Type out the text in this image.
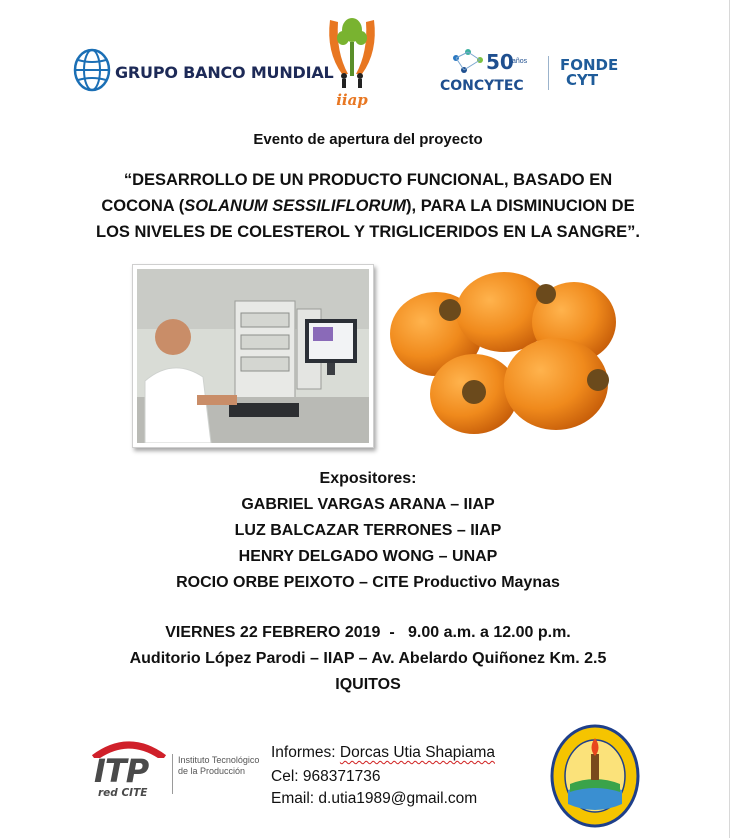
GRUPO BANCO MUNDIAL
iiap
50
años
CONCYTEC
FONDE
CYT
Evento de apertura del proyecto
“DESARROLLO DE UN PRODUCTO FUNCIONAL, BASADO EN
COCONA (SOLANUM SESSILIFLORUM), PARA LA DISMINUCION DE
LOS NIVELES DE COLESTEROL Y TRIGLICERIDOS EN LA SANGRE”.
Expositores:
GABRIEL VARGAS ARANA – IIAP
LUZ BALCAZAR TERRONES – IIAP
HENRY DELGADO WONG – UNAP
ROCIO ORBE PEIXOTO – CITE Productivo Maynas
VIERNES 22 FEBRERO 2019  -   9.00 a.m. a 12.00 p.m.
Auditorio López Parodi – IIAP – Av. Abelardo Quiñonez Km. 2.5
IQUITOS
ITP
red CITE
Instituto Tecnológico de la Producción
Informes: Dorcas Utia Shapiama
Cel: 968371736
Email: d.utia1989@gmail.com
